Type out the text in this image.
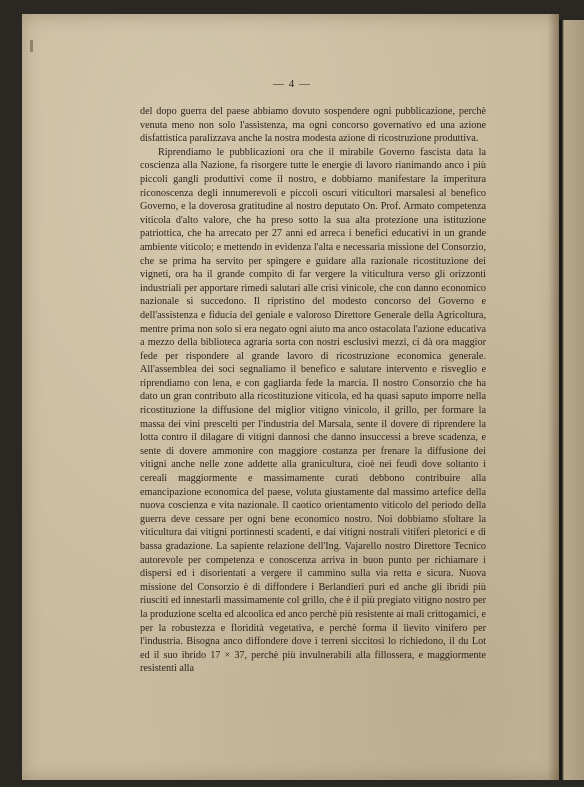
— 4 —

del dopo guerra del paese abbiamo dovuto sospendere ogni pubblicazione, perchè venuta meno non solo l'assistenza, ma ogni concorso governativo ed una azione disfattistica paralizzava anche la nostra modesta azione di ricostruzione produttiva.

Riprendiamo le pubblicazioni ora che il mirabile Governo fascista data la coscienza alla Nazione, fa risorgere tutte le energie di lavoro rianimando anco i più piccoli gangli produttivi come il nostro, e dobbiamo manifestare la imperitura riconoscenza degli innumerevoli e piccoli oscuri viticultori marsalesi al benefico Governo, e la doverosa gratitudine al nostro deputato On. Prof. Armato competenza viticola d'alto valore, che ha preso sotto la sua alta protezione una istituzione patriottica, che ha arrecato per 27 anni ed arreca i benefici educativi in un grande ambiente viticolo; e mettendo in evidenza l'alta e necessaria missione del Consorzio, che se prima ha servito per spingere e guidare alla razionale ricostituzione dei vigneti, ora ha il grande compito di far vergere la viticultura verso gli orizzonti industriali per apportare rimedi salutari alle crisi vinicole, che con danno economico nazionale si succedono. Il ripristino del modesto concorso del Governo e dell'assistenza e fiducia del geniale e valoroso Direttore Generale della Agricoltura, mentre prima non solo si era negato ogni aiuto ma anco ostacolata l'azione educativa a mezzo della biblioteca agraria sorta con nostri esclusivi mezzi, ci dà ora maggior fede per rispondere al grande lavoro di ricostruzione economica generale. All'assemblea dei soci segnaliamo il benefico e salutare intervento e risveglio e riprendiamo con lena, e con gagliarda fede la marcia. Il nostro Consorzio che ha dato un gran contributo alla ricostituzione viticola, ed ha quasi saputo imporre nella ricostituzione la diffusione del miglior vitigno vinicolo, il grillo, per formare la massa dei vini prescelti per l'industria del Marsala, sente il dovere di riprendere la lotta contro il dilagare di vitigni dannosi che danno insuccessi a breve scadenza, e sente di dovere ammonire con maggiore costanza per frenare la diffusione dei vitigni anche nelle zone addette alla granicultura, cioè nei feudi dove soltanto i cereali maggiormente e massimamente curati debbono contribuire alla emancipazione economica del paese, voluta giustamente dal massimo artefice della nuova coscienza e vita nazionale. Il caotico orientamento viticolo del periodo della guerra deve cessare per ogni bene economico nostro. Noi dobbiamo sfoltare la viticultura dai vitigni portinnesti scadenti, e dai vitigni nostrali vitiferi pletorici e di bassa gradazione. La sapiente relazione dell'Ing. Vajarello nostro Direttore Tecnico autorevole per competenza e conoscenza arriva in buon punto per richiamare i dispersi ed i disorientati a vergere il cammino sulla via retta e sicura. Nuova missione del Consorzio è di diffondere i Berlandieri puri ed anche gli ibridi più riusciti ed innestarli massimamente col grillo, che è il più pregiato vitigno nostro per la produzione scelta ed alcoolica ed anco perchè più resistente ai mali crittogamici, e per la robustezza e floridità vegetativa, e perchè forma il lievito vinifero per l'industria. Bisogna anco diffondere dove i terreni siccitosi lo richiedono, il du Lot ed il suo ibrido 17 × 37, perchè più invulnerabili alla fillossera, e maggiormente resistenti alla
